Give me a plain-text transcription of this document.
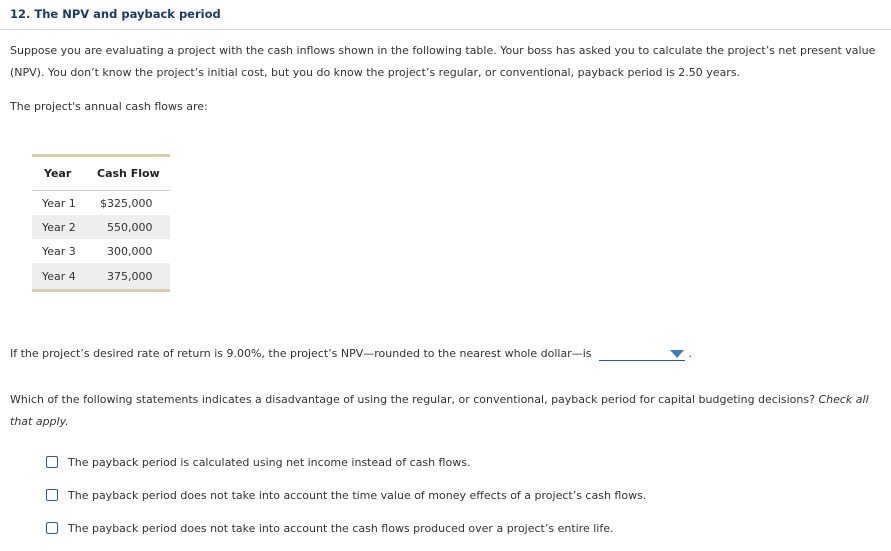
12. The NPV and payback period
Suppose you are evaluating a project with the cash inflows shown in the following table. Your boss has asked you to calculate the project’s net present value (NPV). You don’t know the project’s initial cost, but you do know the project’s regular, or conventional, payback period is 2.50 years.
The project's annual cash flows are:
Year	Cash Flow
Year 1	$325,000
Year 2	550,000
Year 3	300,000
Year 4	375,000
If the project’s desired rate of return is 9.00%, the project’s NPV—rounded to the nearest whole dollar—is	.
Which of the following statements indicates a disadvantage of using the regular, or conventional, payback period for capital budgeting decisions? Check all that apply.
The payback period is calculated using net income instead of cash flows.
The payback period does not take into account the time value of money effects of a project’s cash flows.
The payback period does not take into account the cash flows produced over a project’s entire life.
